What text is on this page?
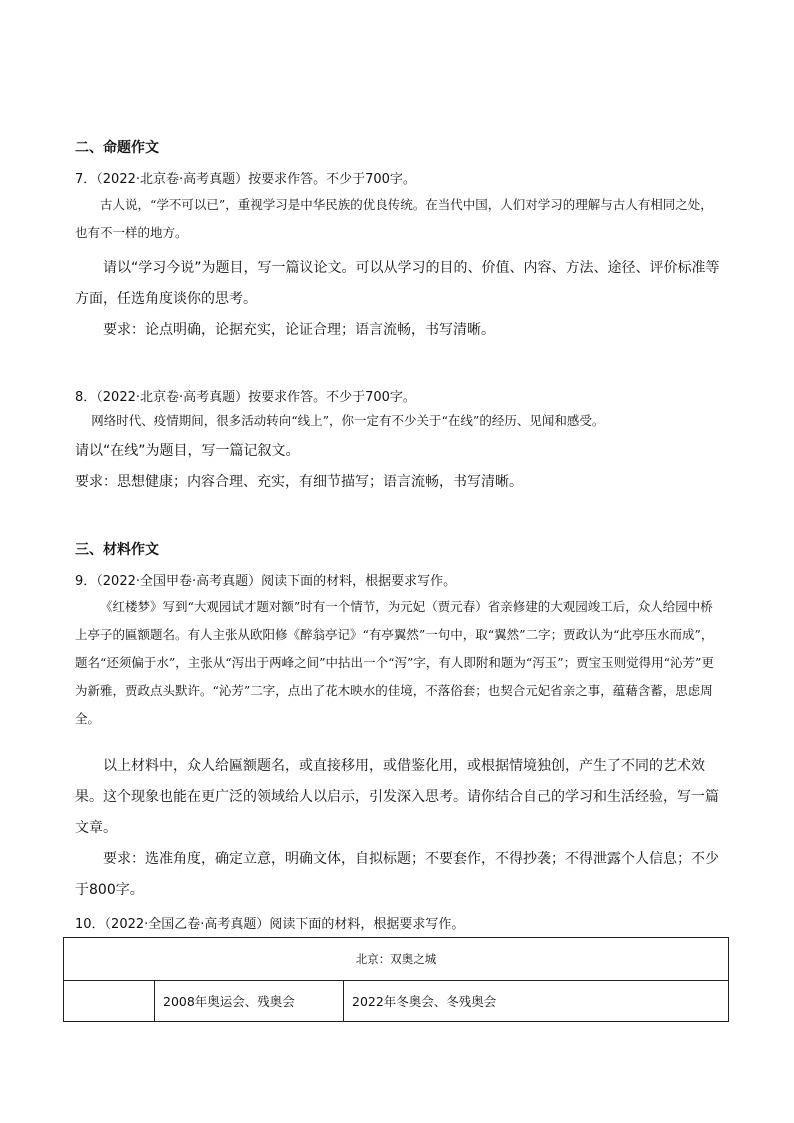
二、命题作文
7．（2022·北京卷·高考真题）按要求作答。不少于700字。

古人说，“学不可以已”，重视学习是中华民族的优良传统。在当代中国，人们对学习的理解与古人有相同之处，也有不一样的地方。

请以“学习今说”为题目，写一篇议论文。可以从学习的目的、价值、内容、方法、途径、评价标准等方面，任选角度谈你的思考。

要求：论点明确，论据充实，论证合理；语言流畅，书写清晰。

8．（2022·北京卷·高考真题）按要求作答。不少于700字。

网络时代、疫情期间，很多活动转向“线上”，你一定有不少关于“在线”的经历、见闻和感受。

请以“在线”为题目，写一篇记叙文。

要求：思想健康；内容合理、充实，有细节描写；语言流畅，书写清晰。

三、材料作文
9．（2022·全国甲卷·高考真题）阅读下面的材料，根据要求写作。

《红楼梦》写到“大观园试才题对额”时有一个情节，为元妃（贾元春）省亲修建的大观园竣工后，众人给园中桥上亭子的匾额题名。有人主张从欧阳修《醉翁亭记》“有亭翼然”一句中，取“翼然”二字；贾政认为“此亭压水而成”，题名“还须偏于水”，主张从“泻出于两峰之间”中拈出一个“泻”字，有人即附和题为“泻玉”；贾宝玉则觉得用“沁芳”更为新雅，贾政点头默许。“沁芳”二字，点出了花木映水的佳境，不落俗套；也契合元妃省亲之事，蕴藉含蓄，思虑周全。

以上材料中，众人给匾额题名，或直接移用，或借鉴化用，或根据情境独创，产生了不同的艺术效果。这个现象也能在更广泛的领域给人以启示，引发深入思考。请你结合自己的学习和生活经验，写一篇文章。

要求：选准角度，确定立意，明确文体，自拟标题；不要套作，不得抄袭；不得泄露个人信息；不少于800字。

10．（2022·全国乙卷·高考真题）阅读下面的材料，根据要求写作。
北京：双奥之城
	2008年奥运会、残奥会	2022年冬奥会、冬残奥会
